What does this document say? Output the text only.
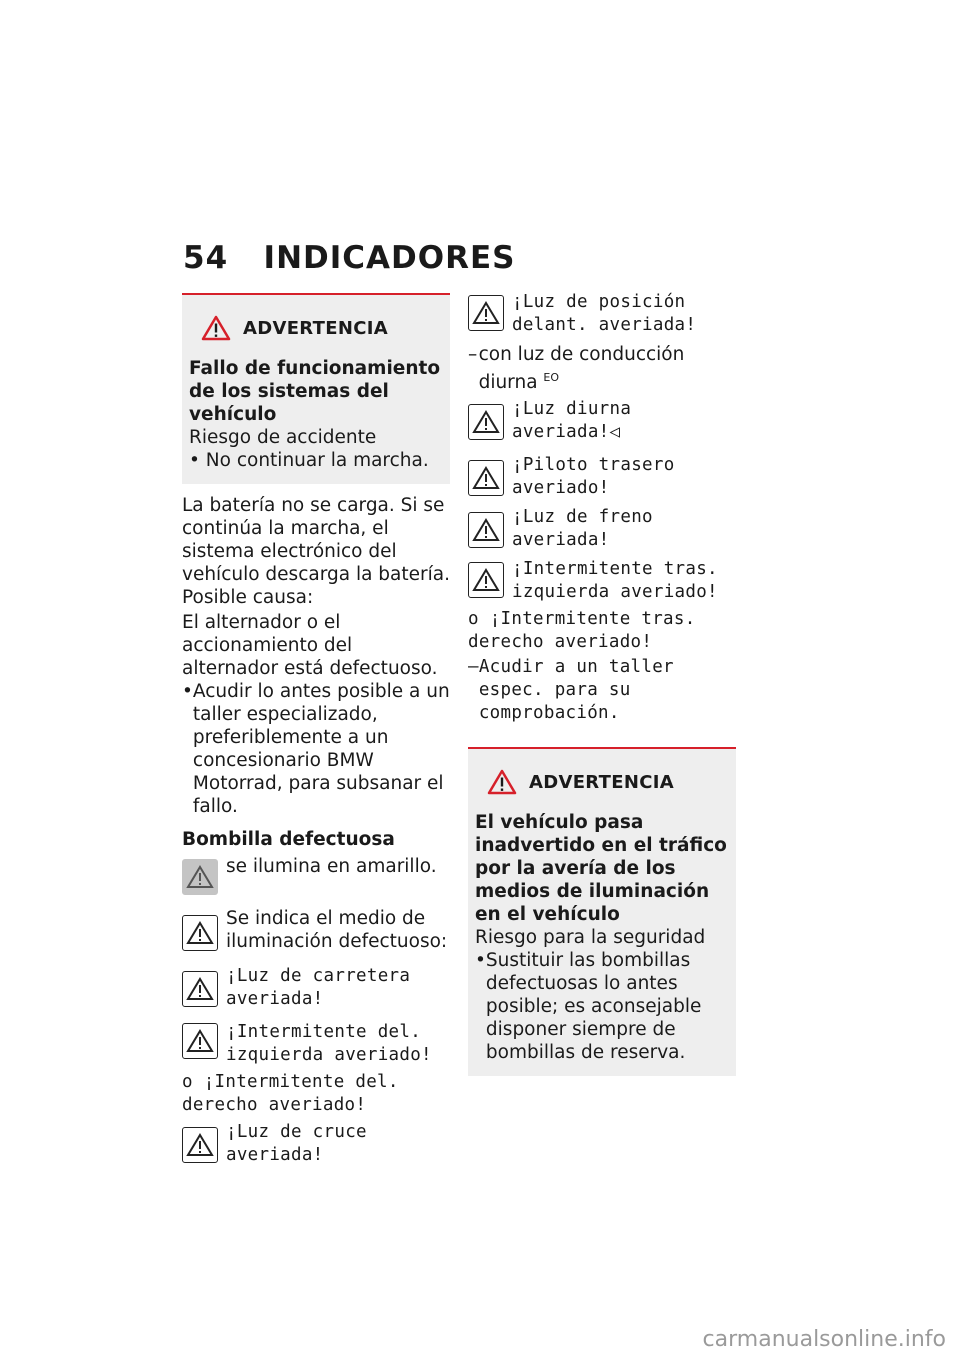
54 INDICADORES
ADVERTENCIA
Fallo de funcionamiento de los sistemas del vehículo
Riesgo de accidente
• No continuar la marcha.
La batería no se carga. Si se continúa la marcha, el sistema electrónico del vehículo descarga la batería.
Posible causa:
El alternador o el accionamiento del alternador está defectuoso.
• Acudir lo antes posible a un taller especializado, preferiblemente a un concesionario BMW Motorrad, para subsanar el fallo.
Bombilla defectuosa
se ilumina en amarillo.
Se indica el medio de iluminación defectuoso:
¡Luz de carretera averiada!
¡Intermitente del. izquierda averiado!
o ¡Intermitente del. derecho averiado!
¡Luz de cruce averiada!
¡Luz de posición delant. averiada!
– con luz de conducción diurna $^{EO}$
¡Luz diurna averiada!◁
¡Piloto trasero averiado!
¡Luz de freno averiada!
¡Intermitente tras. izquierda averiado!
o ¡Intermitente tras. derecho averiado!
– Acudir a un taller espec. para su comprobación.
ADVERTENCIA
El vehículo pasa inadvertido en el tráfico por la avería de los medios de iluminación en el vehículo
Riesgo para la seguridad
• Sustituir las bombillas defectuosas lo antes posible; es aconsejable disponer siempre de bombillas de reserva.
carmanualsonline.info
